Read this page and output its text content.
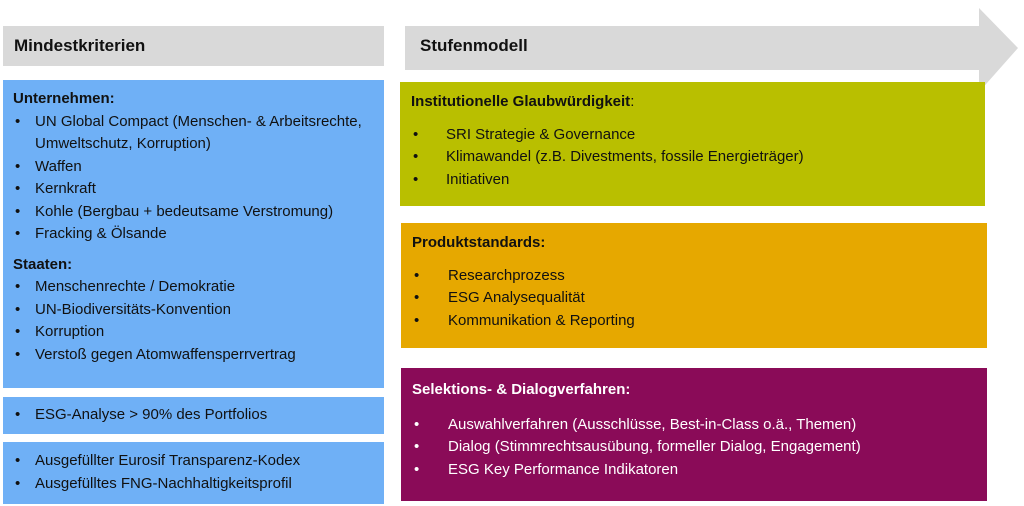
Mindestkriterien	Stufenmodell
Unternehmen:
• UN Global Compact (Menschen- & Arbeitsrechte, Umweltschutz, Korruption)
• Waffen
• Kernkraft
• Kohle (Bergbau + bedeutsame Verstromung)
• Fracking & Ölsande
Staaten:
• Menschenrechte / Demokratie
• UN-Biodiversitäts-Konvention
• Korruption
• Verstoß gegen Atomwaffensperrvertrag
• ESG-Analyse > 90% des Portfolios
• Ausgefüllter Eurosif Transparenz-Kodex
• Ausgefülltes FNG-Nachhaltigkeitsprofil
Institutionelle Glaubwürdigkeit:
• SRI Strategie & Governance
• Klimawandel (z.B. Divestments, fossile Energieträger)
• Initiativen
Produktstandards:
• Researchprozess
• ESG Analysequalität
• Kommunikation & Reporting
Selektions- & Dialogverfahren:
• Auswahlverfahren (Ausschlüsse, Best-in-Class o.ä., Themen)
• Dialog (Stimmrechtsausübung, formeller Dialog, Engagement)
• ESG Key Performance Indikatoren
